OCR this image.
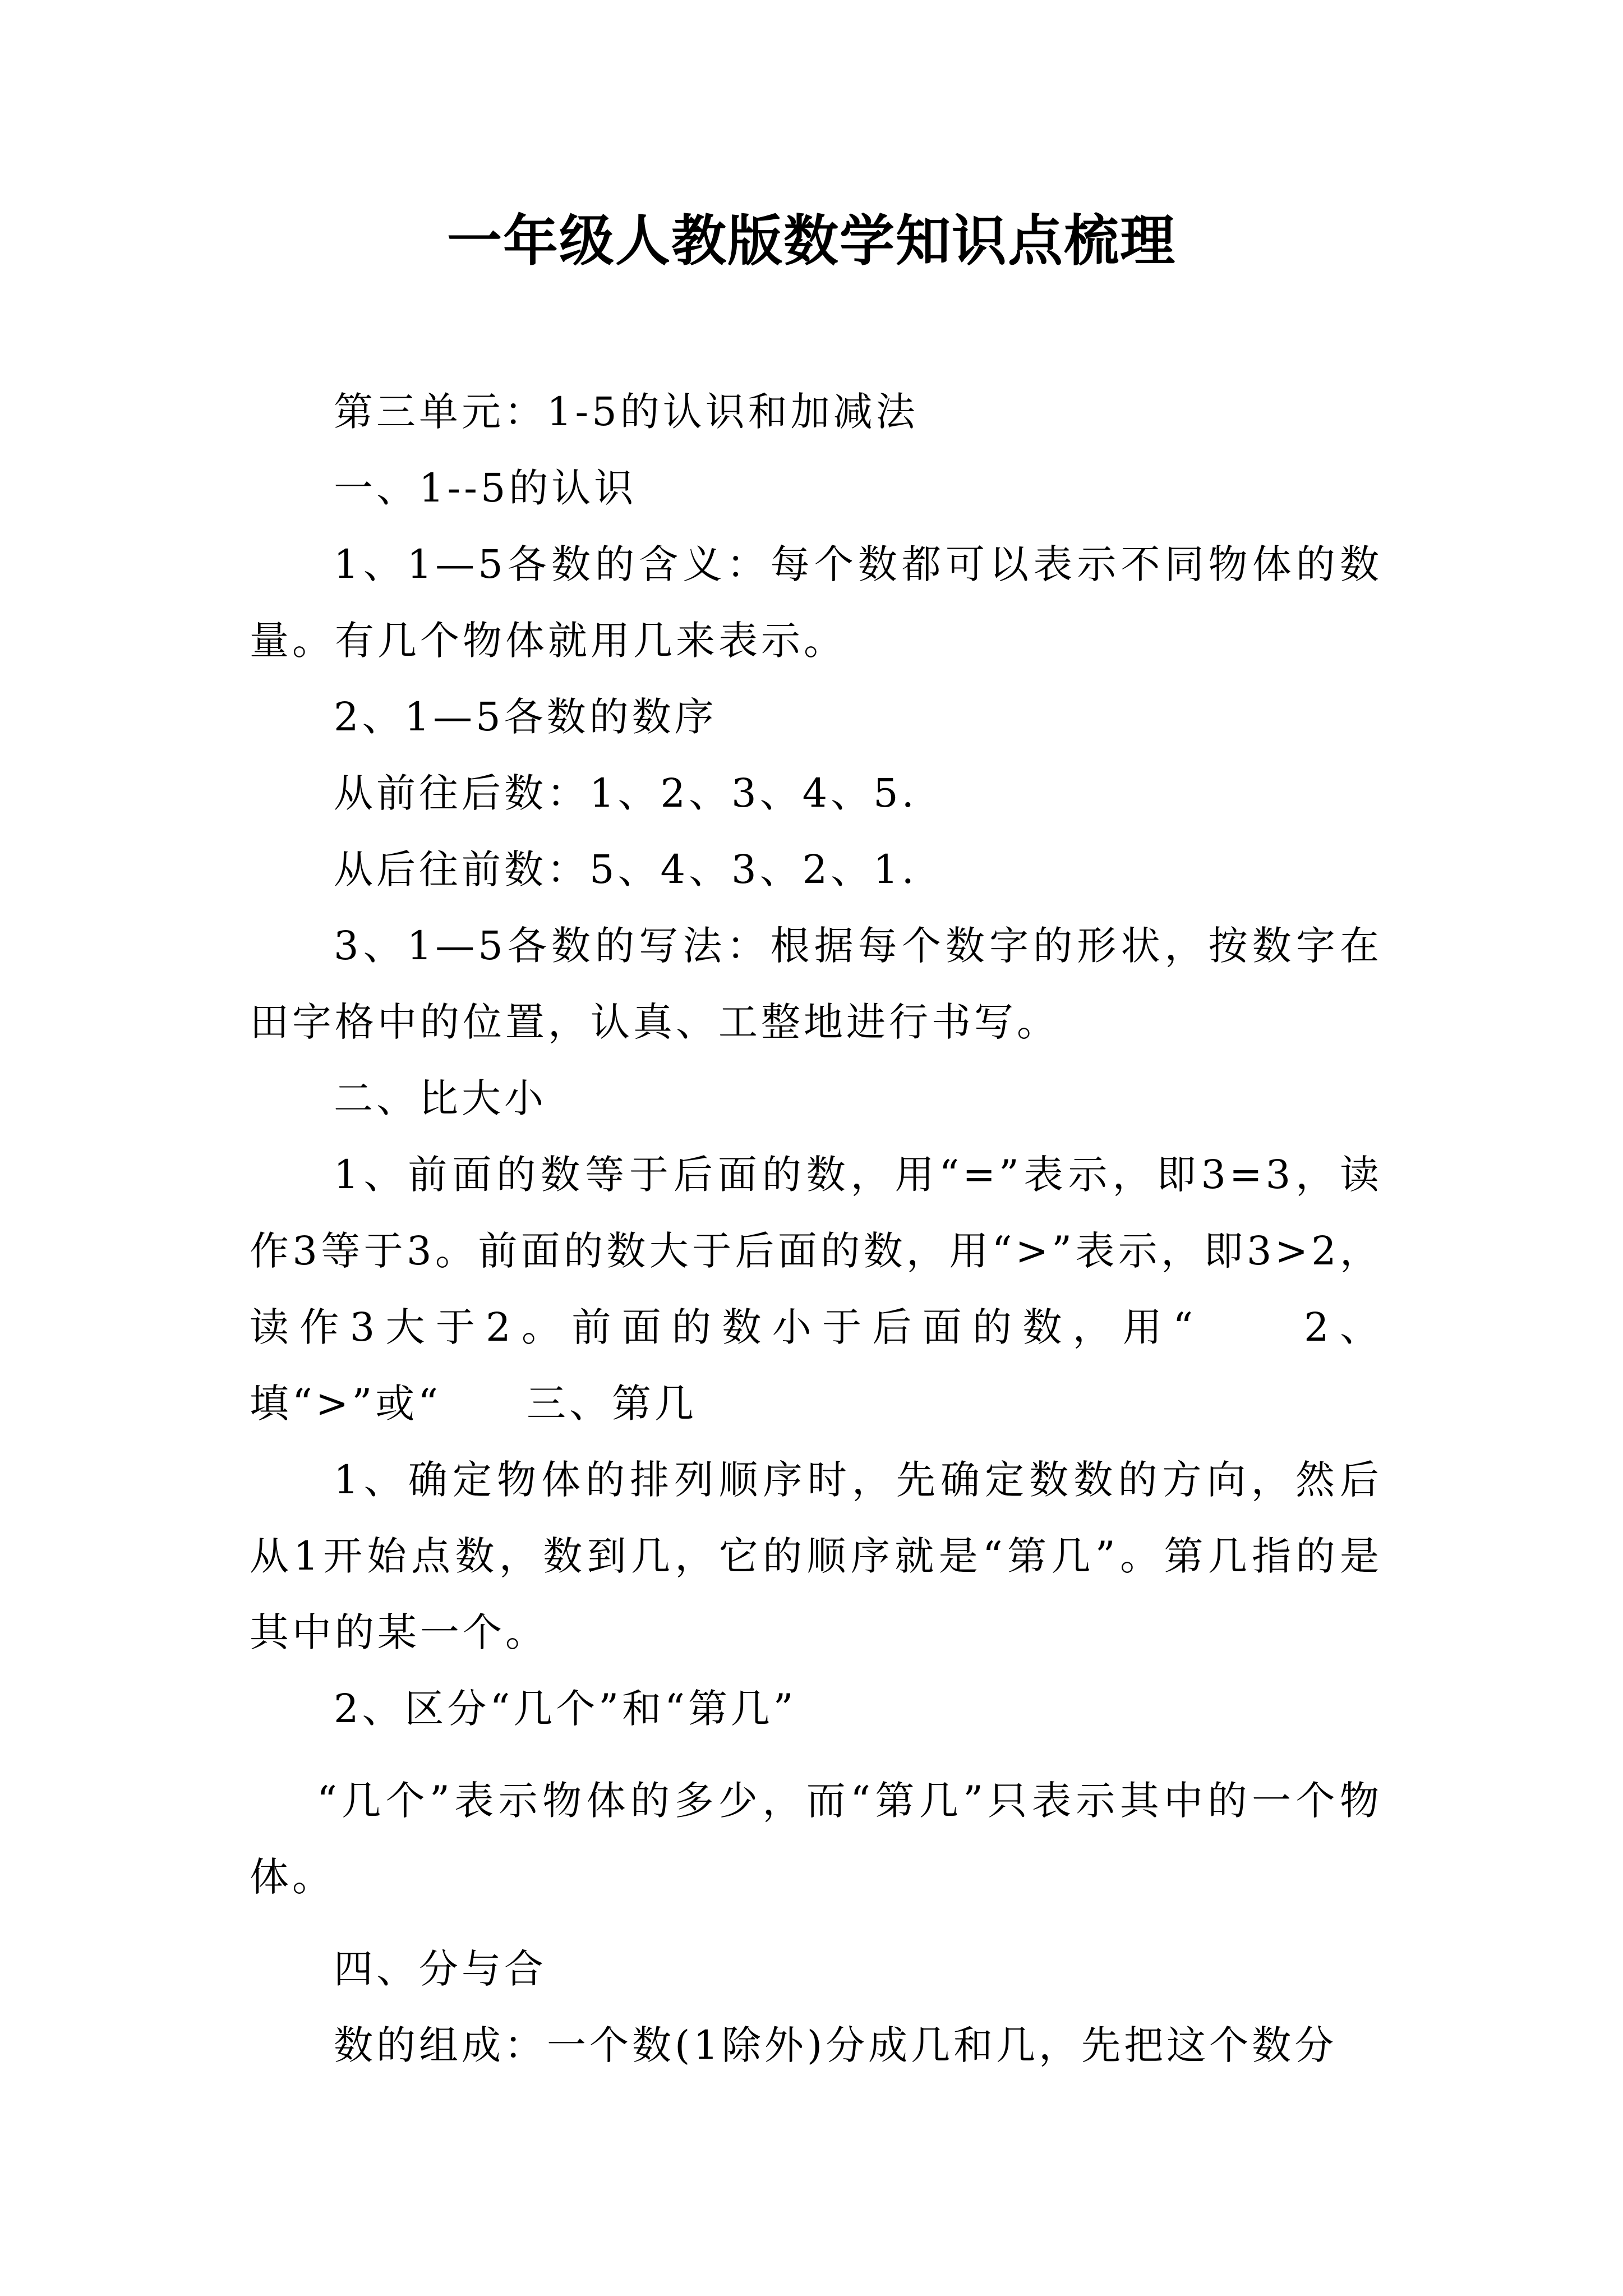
一年级人教版数学知识点梳理

第三单元：1-5的认识和加减法

一、1--5的认识

1、1—5各数的含义：每个数都可以表示不同物体的数量。有几个物体就用几来表示。

2、1—5各数的数序

从前往后数：1、2、3、4、5.

从后往前数：5、4、3、2、1.

3、1—5各数的写法：根据每个数字的形状，按数字在田字格中的位置，认真、工整地进行书写。

二、比大小

1、前面的数等于后面的数，用“=”表示，即3=3，读作3等于3。前面的数大于后面的数，用“>”表示，即3>2，读作3大于2。前面的数小于后面的数，用“　　2、填“>”或“　　三、第几

1、确定物体的排列顺序时，先确定数数的方向，然后从1开始点数，数到几，它的顺序就是“第几”。第几指的是其中的某一个。

2、区分“几个”和“第几”

“几个”表示物体的多少，而“第几”只表示其中的一个物体。

四、分与合

数的组成：一个数(1除外)分成几和几，先把这个数分
